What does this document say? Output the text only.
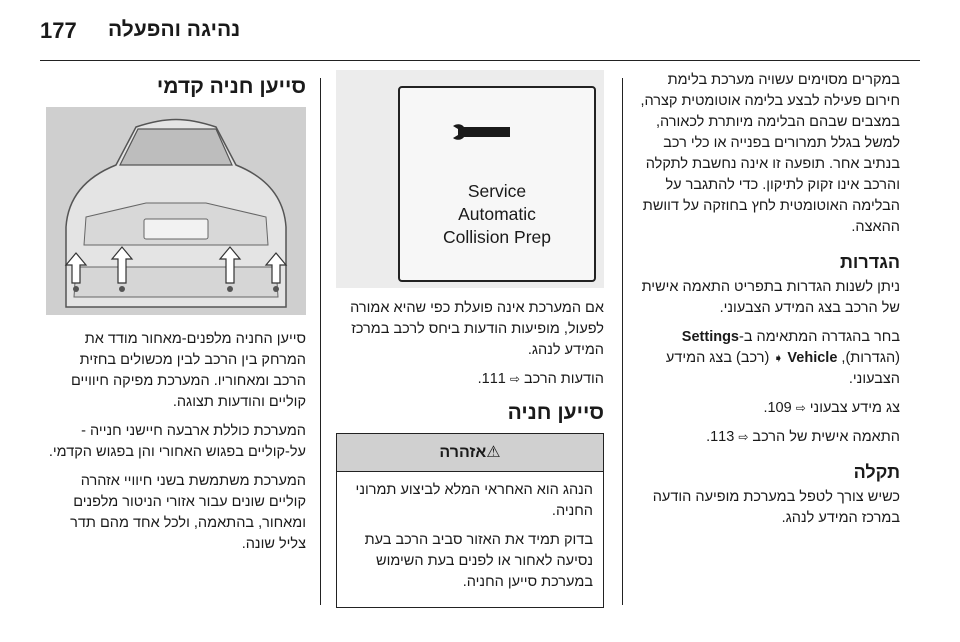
177 נהיגה והפעלה

במקרים מסוימים עשויה מערכת בלימת חירום פעילה לבצע בלימה אוטומטית קצרה, במצבים שבהם הבלימה מיותרת לכאורה, למשל בגלל תמרורים בפנייה או כלי רכב בנתיב אחר. תופעה זו אינה נחשבת לתקלה והרכב אינו זקוק לתיקון. כדי להתגבר על הבלימה האוטומטית לחץ בחוזקה על דוושת ההאצה.

הגדרות

ניתן לשנות הגדרות בתפריט התאמה אישית של הרכב בצג המידע הצבעוני.

בחר בהגדרה המתאימה ב-Settings (הגדרות), Vehicle ➧ (רכב) בצג המידע הצבעוני.

צג מידע צבעוני ⇨ 109.

התאמה אישית של הרכב ⇨ 113.

תקלה

כשיש צורך לטפל במערכת מופיעה הודעה במרכז המידע לנהג.

Service
Automatic
Collision Prep

אם המערכת אינה פועלת כפי שהיא אמורה לפעול, מופיעות הודעות ביחס לרכב במרכז המידע לנהג.

הודעות הרכב ⇨ 111.

סייען חניה
⚠אזהרה

הנהג הוא האחראי המלא לביצוע תמרוני החניה.

בדוק תמיד את האזור סביב הרכב בעת נסיעה לאחור או לפנים בעת השימוש במערכת סייען החניה.

סייען חניה קדמי

סייען החניה מלפנים-מאחור מודד את המרחק בין הרכב לבין מכשולים בחזית הרכב ומאחוריו. המערכת מפיקה חיוויים קוליים והודעות תצוגה.

המערכת כוללת ארבעה חיישני חנייה -על-קוליים בפגוש האחורי והן בפגוש הקדמי.

המערכת משתמשת בשני חיוויי אזהרה קוליים שונים עבור אזורי הניטור מלפנים ומאחור, בהתאמה, ולכל אחד מהם תדר צליל שונה.
